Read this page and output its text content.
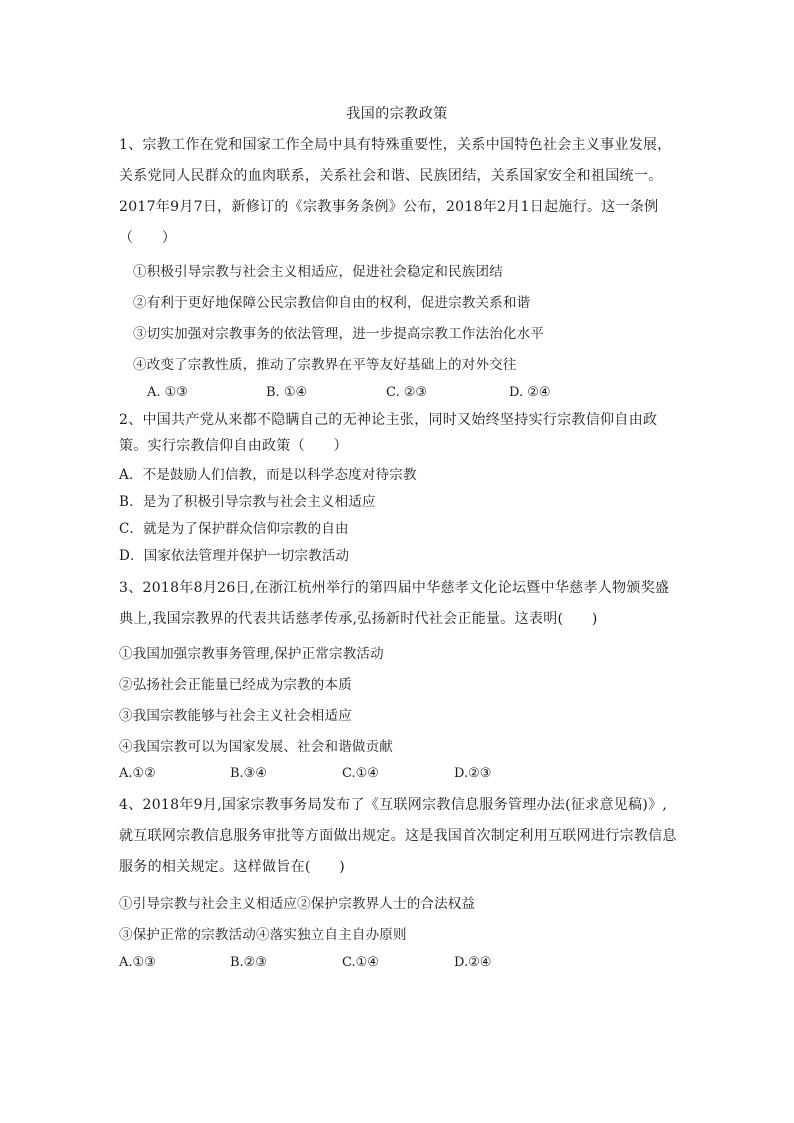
我国的宗教政策
1、宗教工作在党和国家工作全局中具有特殊重要性，关系中国特色社会主义事业发展，关系党同人民群众的血肉联系，关系社会和谐、民族团结，关系国家安全和祖国统一。2017年9月7日，新修订的《宗教事务条例》公布，2018年2月1日起施行。这一条例（　　）
①积极引导宗教与社会主义相适应，促进社会稳定和民族团结
②有利于更好地保障公民宗教信仰自由的权利，促进宗教关系和谐
③切实加强对宗教事务的依法管理，进一步提高宗教工作法治化水平
④改变了宗教性质，推动了宗教界在平等友好基础上的对外交往
A. ①③	B. ①④	C. ②③	D. ②④
2、中国共产党从来都不隐瞒自己的无神论主张，同时又始终坚持实行宗教信仰自由政策。实行宗教信仰自由政策（　　）
A．不是鼓励人们信教，而是以科学态度对待宗教
B．是为了积极引导宗教与社会主义相适应
C．就是为了保护群众信仰宗教的自由
D．国家依法管理并保护一切宗教活动
3、2018年8月26日,在浙江杭州举行的第四届中华慈孝文化论坛暨中华慈孝人物颁奖盛典上,我国宗教界的代表共话慈孝传承,弘扬新时代社会正能量。这表明(　　)
①我国加强宗教事务管理,保护正常宗教活动
②弘扬社会正能量已经成为宗教的本质
③我国宗教能够与社会主义社会相适应
④我国宗教可以为国家发展、社会和谐做贡献
A.①②	B.③④	C.①④	D.②③
4、2018年9月,国家宗教事务局发布了《互联网宗教信息服务管理办法(征求意见稿)》,就互联网宗教信息服务审批等方面做出规定。这是我国首次制定利用互联网进行宗教信息服务的相关规定。这样做旨在(　　)
①引导宗教与社会主义相适应②保护宗教界人士的合法权益
③保护正常的宗教活动④落实独立自主自办原则
A.①③	B.②③	C.①④	D.②④
